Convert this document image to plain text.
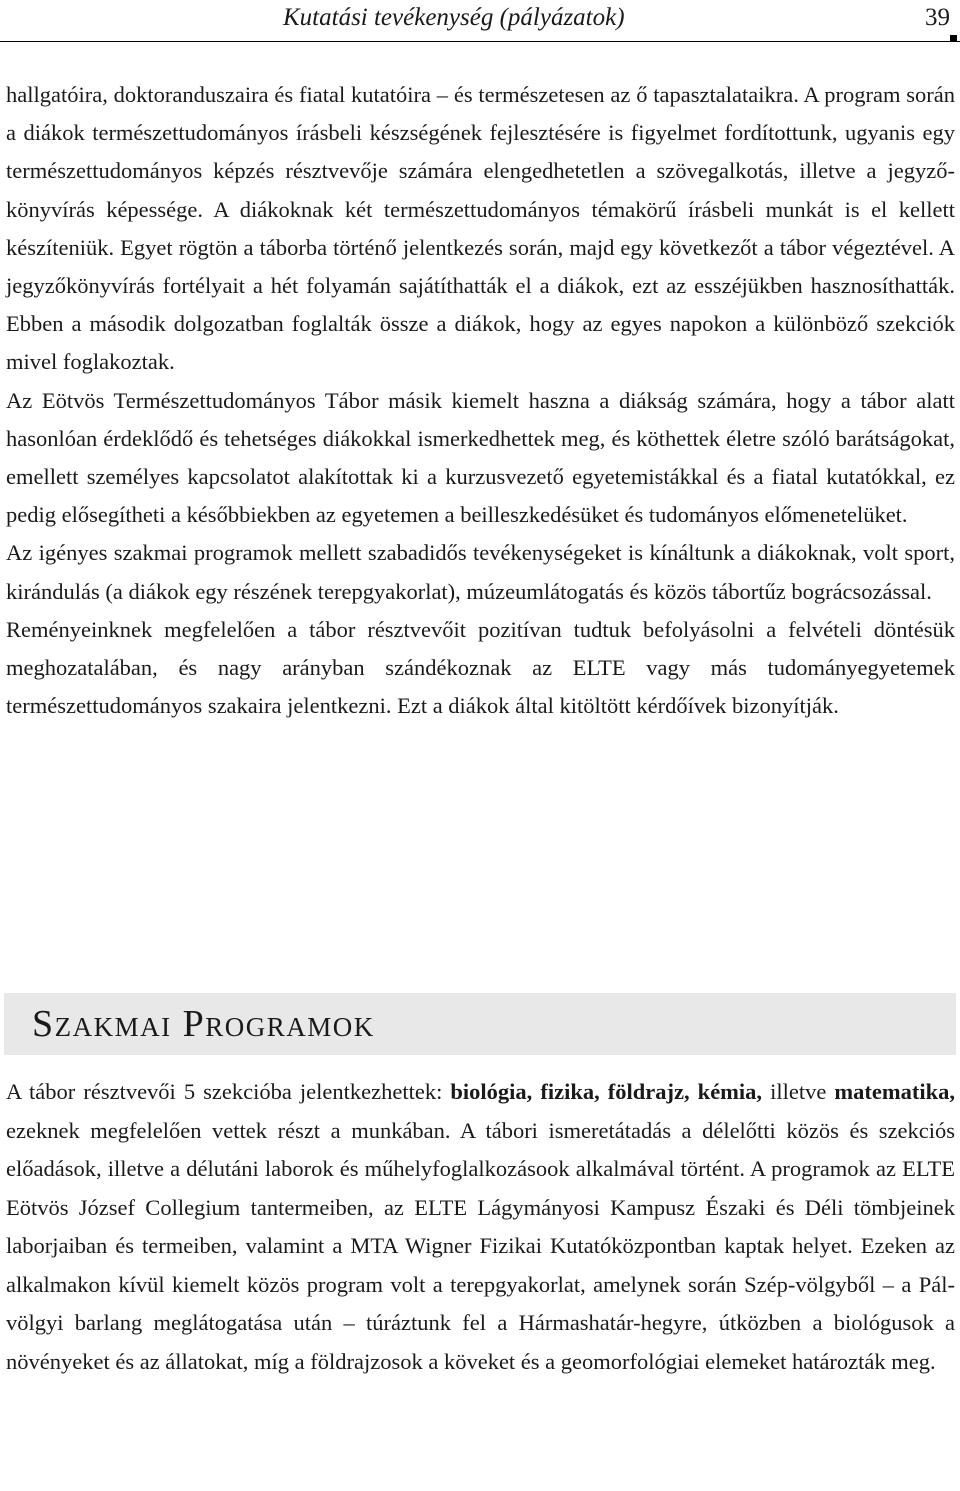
Kutatási tevékenység (pályázatok)	39

hallgatóira, doktoranduszaira és fiatal kutatóira – és természetesen az ő tapasztalataikra. A program során a diákok természettudományos írásbeli készségének fejlesztésére is figyelmet fordítottunk, ugyanis egy természettudományos képzés résztvevője számára elengedhetetlen a szövegalkotás, illetve a jegyzőkönyvírás képessége. A diákoknak két természettudományos témakörű írásbeli munkát is el kellett készíteniük. Egyet rögtön a táborba történő jelentkezés során, majd egy következőt a tábor végeztével. A jegyzőkönyvírás fortélyait a hét folyamán sajátíthatták el a diákok, ezt az esszéjükben hasznosíthatták. Ebben a második dolgozatban foglalták össze a diákok, hogy az egyes napokon a különböző szekciók mivel foglakoztak.

Az Eötvös Természettudományos Tábor másik kiemelt haszna a diákság számára, hogy a tábor alatt hasonlóan érdeklődő és tehetséges diákokkal ismerkedhettek meg, és köthettek életre szóló barátságokat, emellett személyes kapcsolatot alakítottak ki a kurzusvezető egyetemistákkal és a fiatal kutatókkal, ez pedig elősegítheti a későbbiekben az egyetemen a beilleszkedésüket és tudományos előmenetelüket.

Az igényes szakmai programok mellett szabadidős tevékenységeket is kínáltunk a diákoknak, volt sport, kirándulás (a diákok egy részének terepgyakorlat), múzeumlátogatás és közös tábortűz bográcsozással.

Reményeinknek megfelelően a tábor résztvevőit pozitívan tudtuk befolyásolni a felvételi döntésük meghozatalában, és nagy arányban szándékoznak az ELTE vagy más tudományegyetemek természettudományos szakaira jelentkezni. Ezt a diákok által kitöltött kérdőívek bizonyítják.

Szakmai Programok

A tábor résztvevői 5 szekcióba jelentkezhettek: biológia, fizika, földrajz, kémia, illetve matematika, ezeknek megfelelően vettek részt a munkában. A tábori ismeretátadás a délelőtti közös és szekciós előadások, illetve a délutáni laborok és műhelyfoglalkozásook alkalmával történt. A programok az ELTE Eötvös József Collegium tantermeiben, az ELTE Lágymányosi Kampusz Északi és Déli tömbjeinek laborjaiban és termeiben, valamint a MTA Wigner Fizikai Kutatóközpontban kaptak helyet. Ezeken az alkalmakon kívül kiemelt közös program volt a terepgyakorlat, amelynek során Szép-völgyből – a Pál-völgyi barlang meglátogatása után – túráztunk fel a Hármashatár-hegyre, útközben a biológusok a növényeket és az állatokat, míg a földrajzosok a köveket és a geomorfológiai elemeket határozták meg.
